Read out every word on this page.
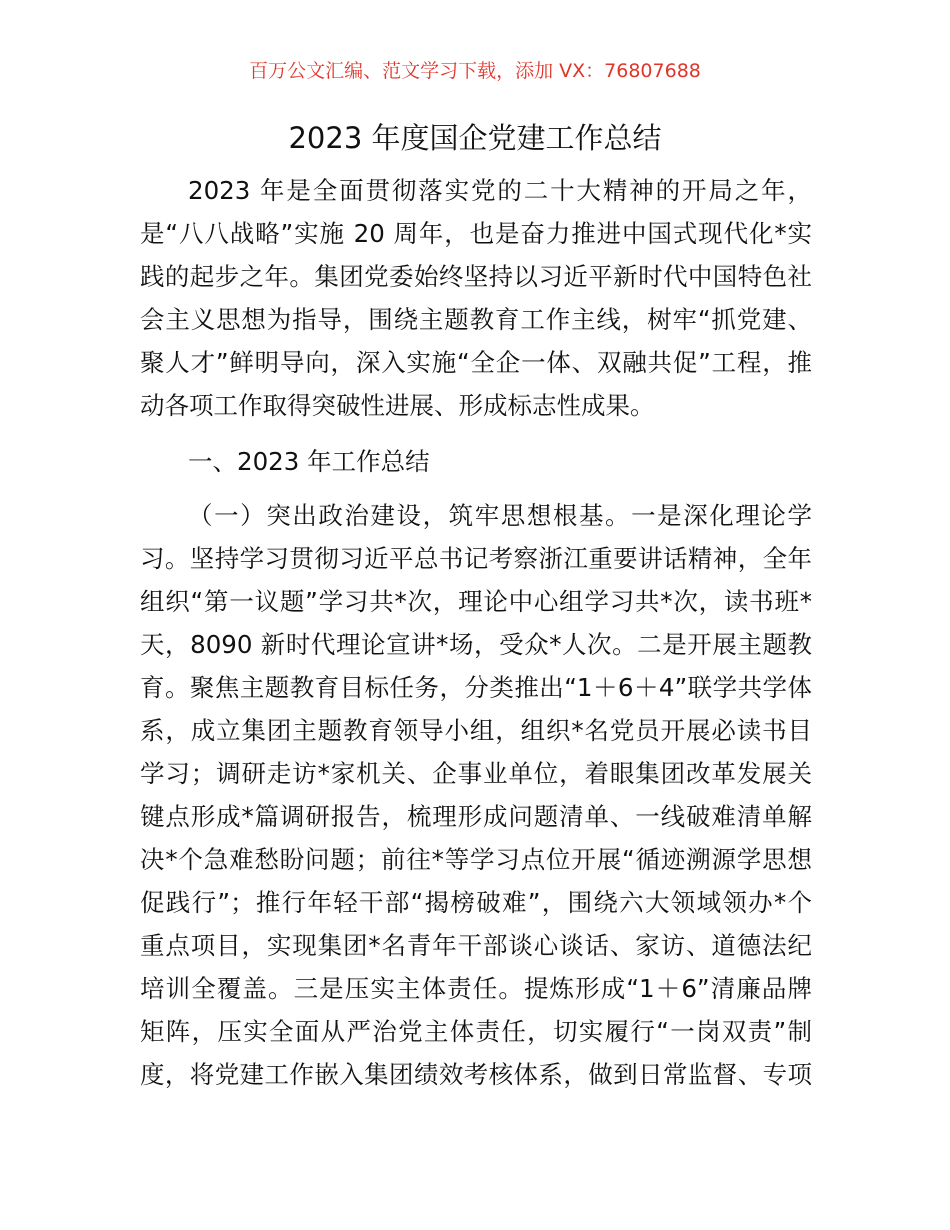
百万公文汇编、范文学习下载，添加 VX：76807688
2023 年度国企党建工作总结
2023 年是全面贯彻落实党的二十大精神的开局之年，
是“八八战略”实施 20 周年，也是奋力推进中国式现代化*实
践的起步之年。集团党委始终坚持以习近平新时代中国特色社
会主义思想为指导，围绕主题教育工作主线，树牢“抓党建、
聚人才”鲜明导向，深入实施“全企一体、双融共促”工程，推
动各项工作取得突破性进展、形成标志性成果。
一、2023 年工作总结
（一）突出政治建设，筑牢思想根基。一是深化理论学
习。坚持学习贯彻习近平总书记考察浙江重要讲话精神，全年
组织“第一议题”学习共*次，理论中心组学习共*次，读书班*
天，8090 新时代理论宣讲*场，受众*人次。二是开展主题教
育。聚焦主题教育目标任务，分类推出“1＋6＋4”联学共学体
系，成立集团主题教育领导小组，组织*名党员开展必读书目
学习；调研走访*家机关、企事业单位，着眼集团改革发展关
键点形成*篇调研报告，梳理形成问题清单、一线破难清单解
决*个急难愁盼问题；前往*等学习点位开展“循迹溯源学思想
促践行”；推行年轻干部“揭榜破难”，围绕六大领域领办*个
重点项目，实现集团*名青年干部谈心谈话、家访、道德法纪
培训全覆盖。三是压实主体责任。提炼形成“1＋6”清廉品牌
矩阵，压实全面从严治党主体责任，切实履行“一岗双责”制
度，将党建工作嵌入集团绩效考核体系，做到日常监督、专项
